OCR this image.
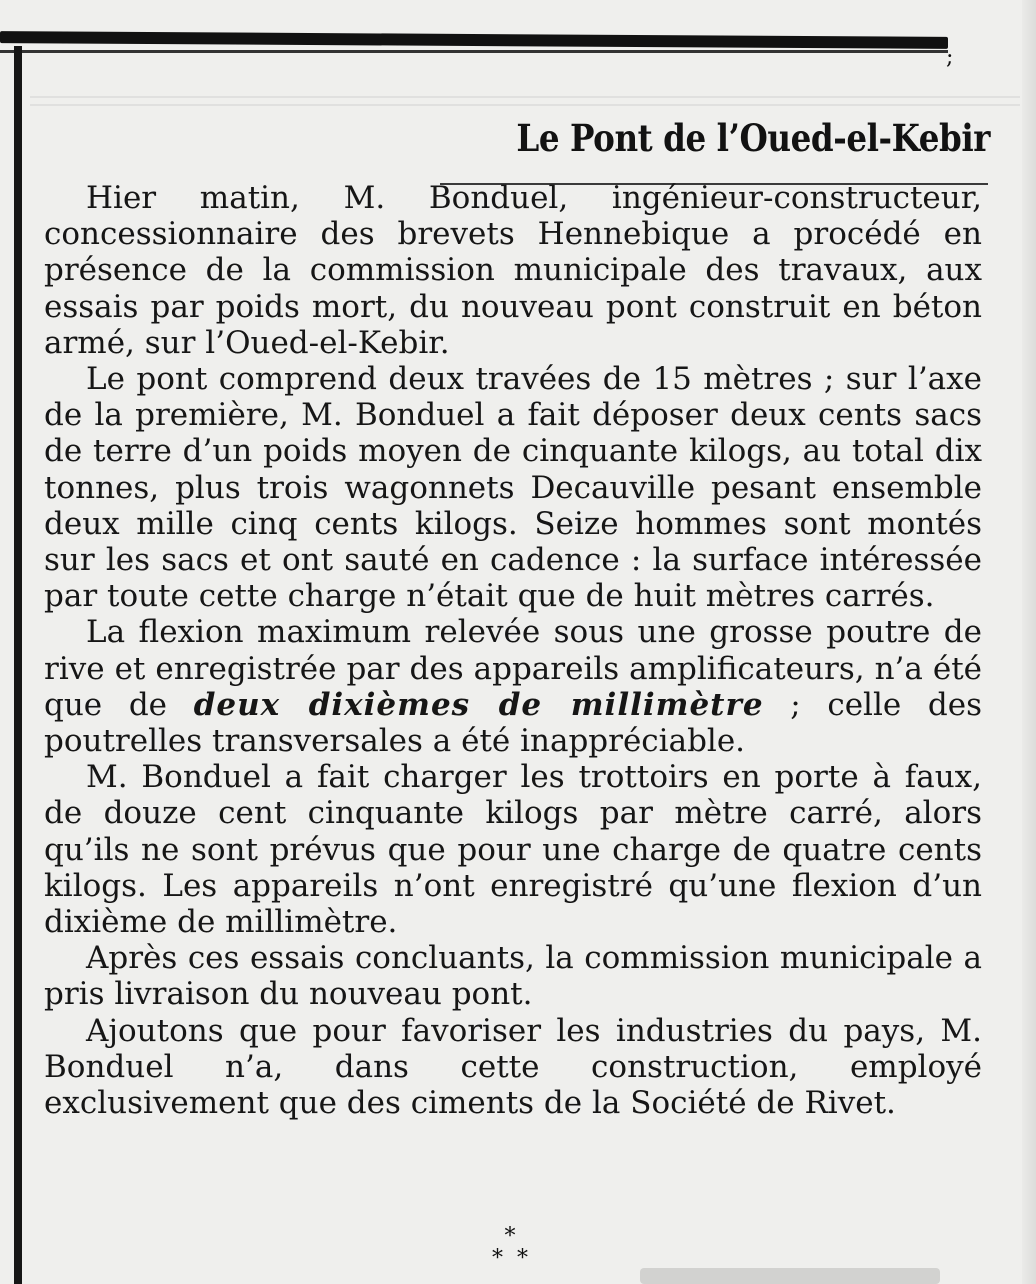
;
Le Pont de l’Oued-el-Kebir

Hier matin, M. Bonduel, ingénieur-constructeur, concessionnaire des brevets Hennebique a procédé en présence de la commission municipale des travaux, aux essais par poids mort, du nouveau pont construit en béton armé, sur l’Oued-el-Kebir.

Le pont comprend deux travées de 15 mètres ; sur l’axe de la première, M. Bonduel a fait déposer deux cents sacs de terre d’un poids moyen de cinquante kilogs, au total dix tonnes, plus trois wagonnets Decauville pesant ensemble deux mille cinq cents kilogs. Seize hommes sont montés sur les sacs et ont sauté en cadence : la surface intéressée par toute cette charge n’était que de huit mètres carrés.

La flexion maximum relevée sous une grosse poutre de rive et enregistrée par des appareils amplificateurs, n’a été que de deux dixièmes de millimètre ; celle des poutrelles transversales a été inappréciable.

M. Bonduel a fait charger les trottoirs en porte à faux, de douze cent cinquante kilogs par mètre carré, alors qu’ils ne sont prévus que pour une charge de quatre cents kilogs. Les appareils n’ont enregistré qu’une flexion d’un dixième de millimètre.

Après ces essais concluants, la commission municipale a pris livraison du nouveau pont.

Ajoutons que pour favoriser les industries du pays, M. Bonduel n’a, dans cette construction, employé exclusivement que des ciments de la Société de Rivet.

*
* *
